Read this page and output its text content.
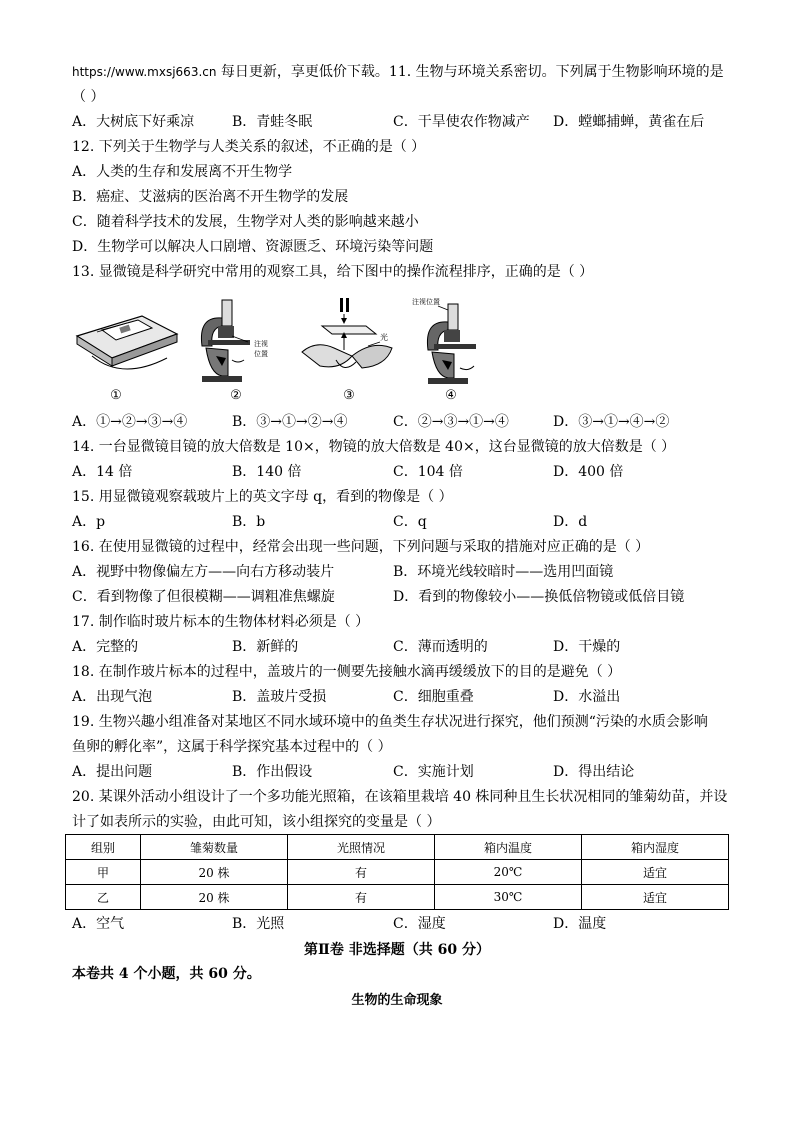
https://www.mxsj663.cn 每日更新，享更低价下载。11. 生物与环境关系密切。下列属于生物影响环境的是
（ ）
A．大树底下好乘凉	B．青蛙冬眠	C．干旱使农作物减产 D．螳螂捕蝉，黄雀在后
12. 下列关于生物学与人类关系的叙述，不正确的是（ ）
A．人类的生存和发展离不开生物学
B．癌症、艾滋病的医治离不开生物学的发展
C．随着科学技术的发展，生物学对人类的影响越来越小
D．生物学可以解决人口剧增、资源匮乏、环境污染等问题
13. 显微镜是科学研究中常用的观察工具，给下图中的操作流程排序，正确的是（ ）
注视
位置
光
注视位置
①	②	③	④
A．①→②→③→④	B．③→①→②→④	C．②→③→①→④	D．③→①→④→②
14. 一台显微镜目镜的放大倍数是 10×，物镜的放大倍数是 40×，这台显微镜的放大倍数是（ ）
A．14 倍	B．140 倍	C．104 倍	D．400 倍
15. 用显微镜观察载玻片上的英文字母 q，看到的物像是（ ）
A．p	B．b	C．q	D．d
16. 在使用显微镜的过程中，经常会出现一些问题，下列问题与采取的措施对应正确的是（ ）
A．视野中物像偏左方——向右方移动装片	B．环境光线较暗时——选用凹面镜
C．看到物像了但很模糊——调粗准焦螺旋	D．看到的物像较小——换低倍物镜或低倍目镜
17. 制作临时玻片标本的生物体材料必须是（ ）
A．完整的	B．新鲜的	C．薄而透明的	D．干燥的
18. 在制作玻片标本的过程中，盖玻片的一侧要先接触水滴再缓缓放下的目的是避免（ ）
A．出现气泡	B．盖玻片受损	C．细胞重叠	D．水溢出
19. 生物兴趣小组准备对某地区不同水域环境中的鱼类生存状况进行探究，他们预测“污染的水质会影响
鱼卵的孵化率”，这属于科学探究基本过程中的（ ）
A．提出问题	B．作出假设	C．实施计划	D．得出结论
20. 某课外活动小组设计了一个多功能光照箱，在该箱里栽培 40 株同种且生长状况相同的雏菊幼苗，并设
计了如表所示的实验，由此可知，该小组探究的变量是（ ）
组别	雏菊数量	光照情况	箱内温度	箱内湿度
甲	20 株	有	20℃	适宜
乙	20 株	有	30℃	适宜
A．空气	B．光照	C．湿度	D．温度
第Ⅱ卷 非选择题（共 60 分）
本卷共 4 个小题，共 60 分。
生物的生命现象
